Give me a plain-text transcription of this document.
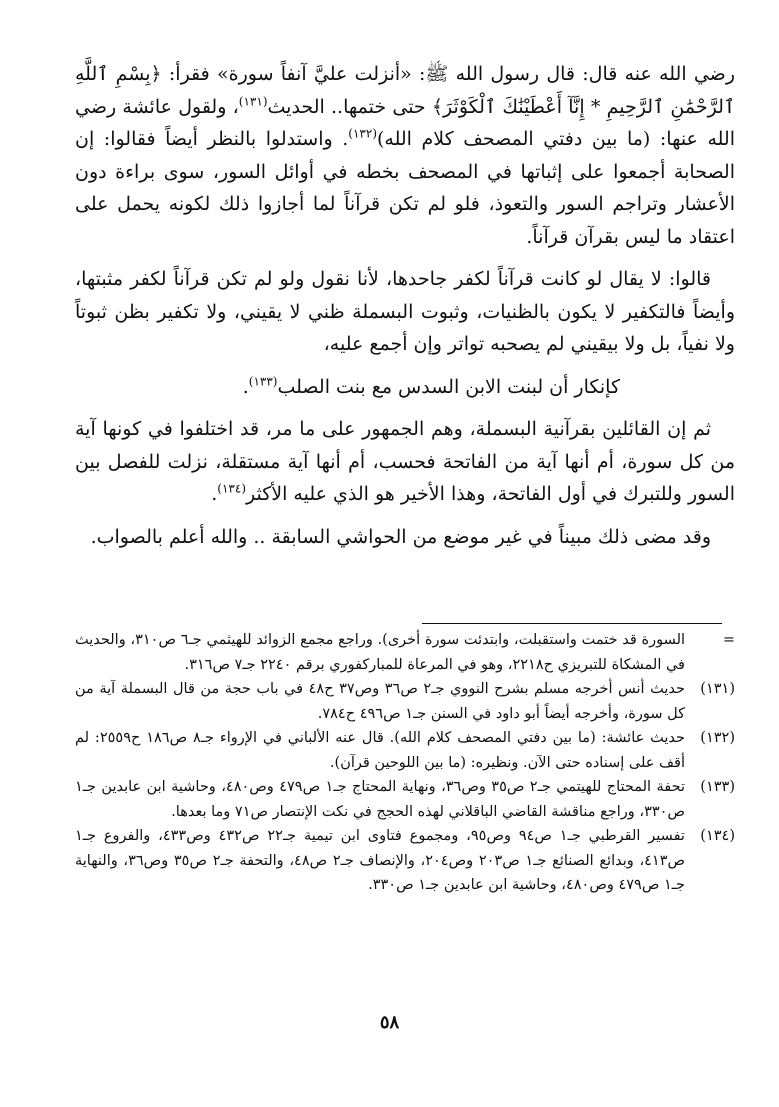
رضي الله عنه قال: قال رسول الله ﷺ: «أنزلت عليَّ آنفاً سورة» فقرأ: ﴿بِسْمِ ٱللَّهِ ٱلرَّحْمَٰنِ ٱلرَّحِيمِ * إِنَّآ أَعْطَيْنَٰكَ ٱلْكَوْثَرَ﴾ حتى ختمها.. الحديث$^{(١٣١)}$، ولقول عائشة رضي الله عنها: (ما بين دفتي المصحف كلام الله)$^{(١٣٢)}$. واستدلوا بالنظر أيضاً فقالوا: إن الصحابة أجمعوا على إثباتها في المصحف بخطه في أوائل السور، سوى براءة دون الأعشار وتراجم السور والتعوذ، فلو لم تكن قرآناً لما أجازوا ذلك لكونه يحمل على اعتقاد ما ليس بقرآن قرآناً.

قالوا: لا يقال لو كانت قرآناً لكفر جاحدها، لأنا نقول ولو لم تكن قرآناً لكفر مثبتها، وأيضاً فالتكفير لا يكون بالظنيات، وثبوت البسملة ظني لا يقيني، ولا تكفير بظن ثبوتاً ولا نفياً، بل ولا بيقيني لم يصحبه تواتر وإن أجمع عليه،

كإنكار أن لبنت الابن السدس مع بنت الصلب$^{(١٣٣)}$.

ثم إن القائلين بقرآنية البسملة، وهم الجمهور على ما مر، قد اختلفوا في كونها آية من كل سورة، أم أنها آية من الفاتحة فحسب، أم أنها آية مستقلة، نزلت للفصل بين السور وللتبرك في أول الفاتحة، وهذا الأخير هو الذي عليه الأكثر$^{(١٣٤)}$.

وقد مضى ذلك مبيناً في غير موضع من الحواشي السابقة .. والله أعلم بالصواب.

=
السورة قد ختمت واستقبلت، وابتدئت سورة أخرى). وراجع مجمع الزوائد للهيثمي جـ٦ ص٣١٠، والحديث في المشكاة للتبريزي ح٢٢١٨، وهو في المرعاة للمباركفوري برقم ٢٢٤٠ جـ٧ ص٣١٦.
(١٣١)
حديث أنس أخرجه مسلم بشرح النووي جـ٢ ص٣٦ وص٣٧ ح٤٨ في باب حجة من قال البسملة آية من كل سورة، وأخرجه أيضاً أبو داود في السنن جـ١ ص٤٩٦ ح٧٨٤.
(١٣٢)
حديث عائشة: (ما بين دفتي المصحف كلام الله). قال عنه الألباني في الإرواء جـ٨ ص١٨٦ ح٢٥٥٩: لم أقف على إسناده حتى الآن. ونظيره: (ما بين اللوحين قرآن).
(١٣٣)
تحفة المحتاج للهيتمي جـ٢ ص٣٥ وص٣٦، ونهاية المحتاج جـ١ ص٤٧٩ وص٤٨٠، وحاشية ابن عابدين جـ١ ص٣٣٠، وراجع مناقشة القاضي الباقلاني لهذه الحجج في نكت الإنتصار ص٧١ وما بعدها.
(١٣٤)
تفسير القرطبي جـ١ ص٩٤ وص٩٥، ومجموع فتاوى ابن تيمية جـ٢٢ ص٤٣٢ وص٤٣٣، والفروع جـ١ ص٤١٣، وبدائع الصنائع جـ١ ص٢٠٣ وص٢٠٤، والإنصاف جـ٢ ص٤٨، والتحفة جـ٢ ص٣٥ وص٣٦، والنهاية جـ١ ص٤٧٩ وص٤٨٠، وحاشية ابن عابدين جـ١ ص٣٣٠.
٥٨
